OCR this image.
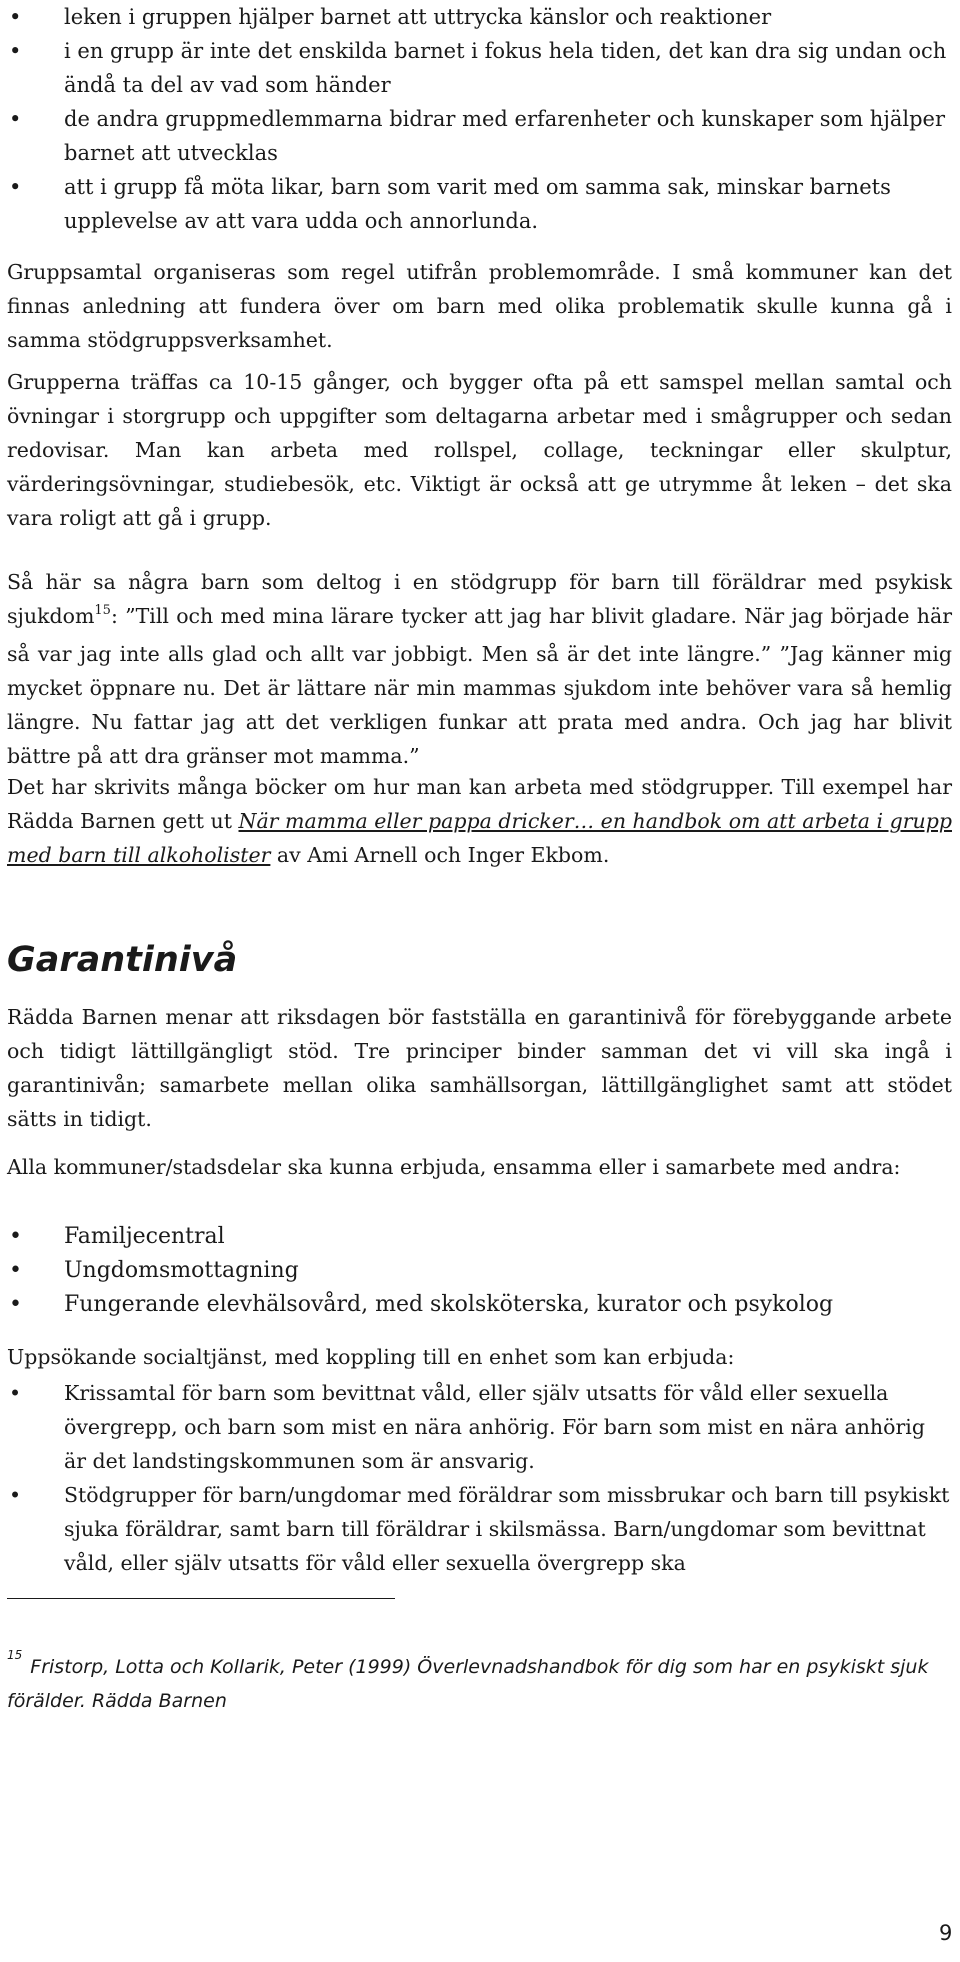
• leken i gruppen hjälper barnet att uttrycka känslor och reaktioner
• i en grupp är inte det enskilda barnet i fokus hela tiden, det kan dra sig undan och ändå ta del av vad som händer
• de andra gruppmedlemmarna bidrar med erfarenheter och kunskaper som hjälper barnet att utvecklas
• att i grupp få möta likar, barn som varit med om samma sak, minskar barnets upplevelse av att vara udda och annorlunda.

Gruppsamtal organiseras som regel utifrån problemområde. I små kommuner kan det finnas anledning att fundera över om barn med olika problematik skulle kunna gå i samma stödgruppsverksamhet.

Grupperna träffas ca 10-15 gånger, och bygger ofta på ett samspel mellan samtal och övningar i storgrupp och uppgifter som deltagarna arbetar med i smågrupper och sedan redovisar. Man kan arbeta med rollspel, collage, teckningar eller skulptur, värderingsövningar, studiebesök, etc. Viktigt är också att ge utrymme åt leken – det ska vara roligt att gå i grupp.

Så här sa några barn som deltog i en stödgrupp för barn till föräldrar med psykisk sjukdom$^{15}$: ”Till och med mina lärare tycker att jag har blivit gladare. När jag började här så var jag inte alls glad och allt var jobbigt. Men så är det inte längre.” ”Jag känner mig mycket öppnare nu. Det är lättare när min mammas sjukdom inte behöver vara så hemlig längre. Nu fattar jag att det verkligen funkar att prata med andra. Och jag har blivit bättre på att dra gränser mot mamma.”

Det har skrivits många böcker om hur man kan arbeta med stödgrupper. Till exempel har Rädda Barnen gett ut När mamma eller pappa dricker… en handbok om att arbeta i grupp med barn till alkoholister av Ami Arnell och Inger Ekbom.

Garantinivå

Rädda Barnen menar att riksdagen bör fastställa en garantinivå för förebyggande arbete och tidigt lättillgängligt stöd. Tre principer binder samman det vi vill ska ingå i garantinivån; samarbete mellan olika samhällsorgan, lättillgänglighet samt att stödet sätts in tidigt.

Alla kommuner/stadsdelar ska kunna erbjuda, ensamma eller i samarbete med andra:

• Familjecentral
• Ungdomsmottagning
• Fungerande elevhälsovård, med skolsköterska, kurator och psykolog

Uppsökande socialtjänst, med koppling till en enhet som kan erbjuda:

• Krissamtal för barn som bevittnat våld, eller själv utsatts för våld eller sexuella övergrepp, och barn som mist en nära anhörig. För barn som mist en nära anhörig är det landstingskommunen som är ansvarig.
• Stödgrupper för barn/ungdomar med föräldrar som missbrukar och barn till psykiskt sjuka föräldrar, samt barn till föräldrar i skilsmässa. Barn/ungdomar som bevittnat våld, eller själv utsatts för våld eller sexuella övergrepp ska
$^{15}$Fristorp, Lotta och Kollarik, Peter (1999) Överlevnadshandbok för dig som har en psykiskt sjuk förälder. Rädda Barnen
9
